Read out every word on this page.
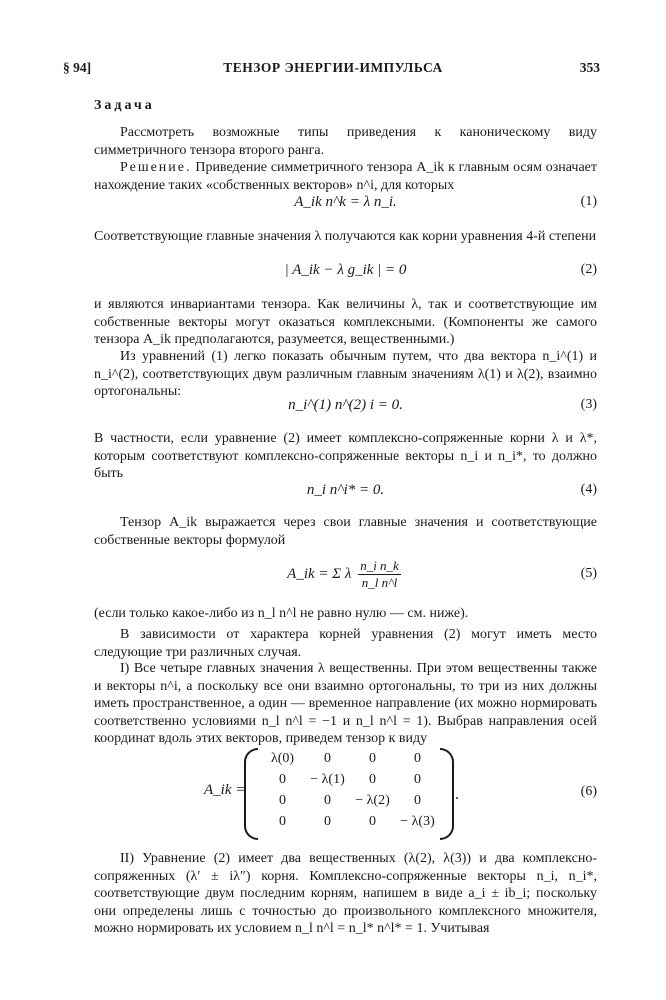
§ 94]	ТЕНЗОР ЭНЕРГИИ-ИМПУЛЬСА	353
Задача

Рассмотреть возможные типы приведения к каноническому виду симметричного тензора второго ранга.

Решение. Приведение симметричного тензора A_ik к главным осям означает нахождение таких «собственных векторов» n^i, для которых

A_ik n^k = λ n_i.	(1)

Соответствующие главные значения λ получаются как корни уравнения 4-й степени

| A_ik − λ g_ik | = 0	(2)

и являются инвариантами тензора. Как величины λ, так и соответствующие им собственные векторы могут оказаться комплексными. (Компоненты же самого тензора A_ik предполагаются, разумеется, вещественными.)

Из уравнений (1) легко показать обычным путем, что два вектора n_i^(1) и n_i^(2), соответствующих двум различным главным значениям λ(1) и λ(2), взаимно ортогональны:

n_i^(1) n^(2) i = 0.	(3)

В частности, если уравнение (2) имеет комплексно-сопряженные корни λ и λ*, которым соответствуют комплексно-сопряженные векторы n_i и n_i*, то должно быть

n_i n^i* = 0.	(4)

Тензор A_ik выражается через свои главные значения и соответствующие собственные векторы формулой

A_ik = Σ λ $\frac{\text{n\_i n\_k}}{\text{n\_l n\textasciicircum{}l}}$	(5)

(если только какое-либо из n_l n^l не равно нулю — см. ниже).

В зависимости от характера корней уравнения (2) могут иметь место следующие три различных случая.

I) Все четыре главных значения λ вещественны. При этом вещественны также и векторы n^i, а поскольку все они взаимно ортогональны, то три из них должны иметь пространственное, а один — временное направление (их можно нормировать соответственно условиями n_l n^l = −1 и n_l n^l = 1). Выбрав направления осей координат вдоль этих векторов, приведем тензор к виду

A_ik =
λ(0)	0	0	0
0	− λ(1)	0	0
0	0	− λ(2)	0
0	0	0	− λ(3)
.	(6)

II) Уравнение (2) имеет два вещественных (λ(2), λ(3)) и два комплексно-сопряженных (λ′ ± iλ″) корня. Комплексно-сопряженные векторы n_i, n_i*, соответствующие двум последним корням, напишем в виде a_i ± ib_i; поскольку они определены лишь с точностью до произвольного комплексного множителя, можно нормировать их условием n_l n^l = n_l* n^l* = 1. Учитывая
